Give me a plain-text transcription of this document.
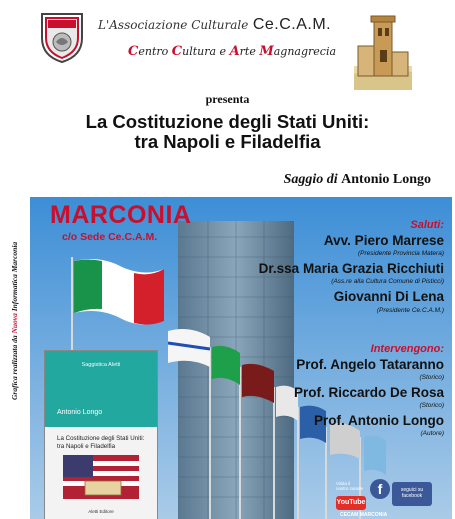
L'Associazione Culturale Ce.C.A.M.
Centro Cultura e Arte Magnagrecia
presenta
La Costituzione degli Stati Uniti:
tra Napoli e Filadelfia
Saggio di Antonio Longo
Grafica realizzata da Nuova Informatica Marconia
MARCONIA
c/o Sede Ce.C.A.M.
Saluti:
Avv. Piero Marrese
(Presidente Provincia Matera)
Dr.ssa Maria Grazia Ricchiuti
(Ass.re alla Cultura Comune di Pisticci)
Giovanni Di Lena
(Presidente Ce.C.A.M.)
Intervengono:
Prof. Angelo Tataranno
(Storico)
Prof. Riccardo De Rosa
(Storico)
Prof. Antonio Longo
(Autore)
Saggistica Aletti
Antonio Longo
La Costituzione degli Stati Uniti:
tra Napoli e Filadelfia
Aletti Editore
Visita il
nostro canale
YouTube
f	seguici su
facebook
CECAM MARCONIA
